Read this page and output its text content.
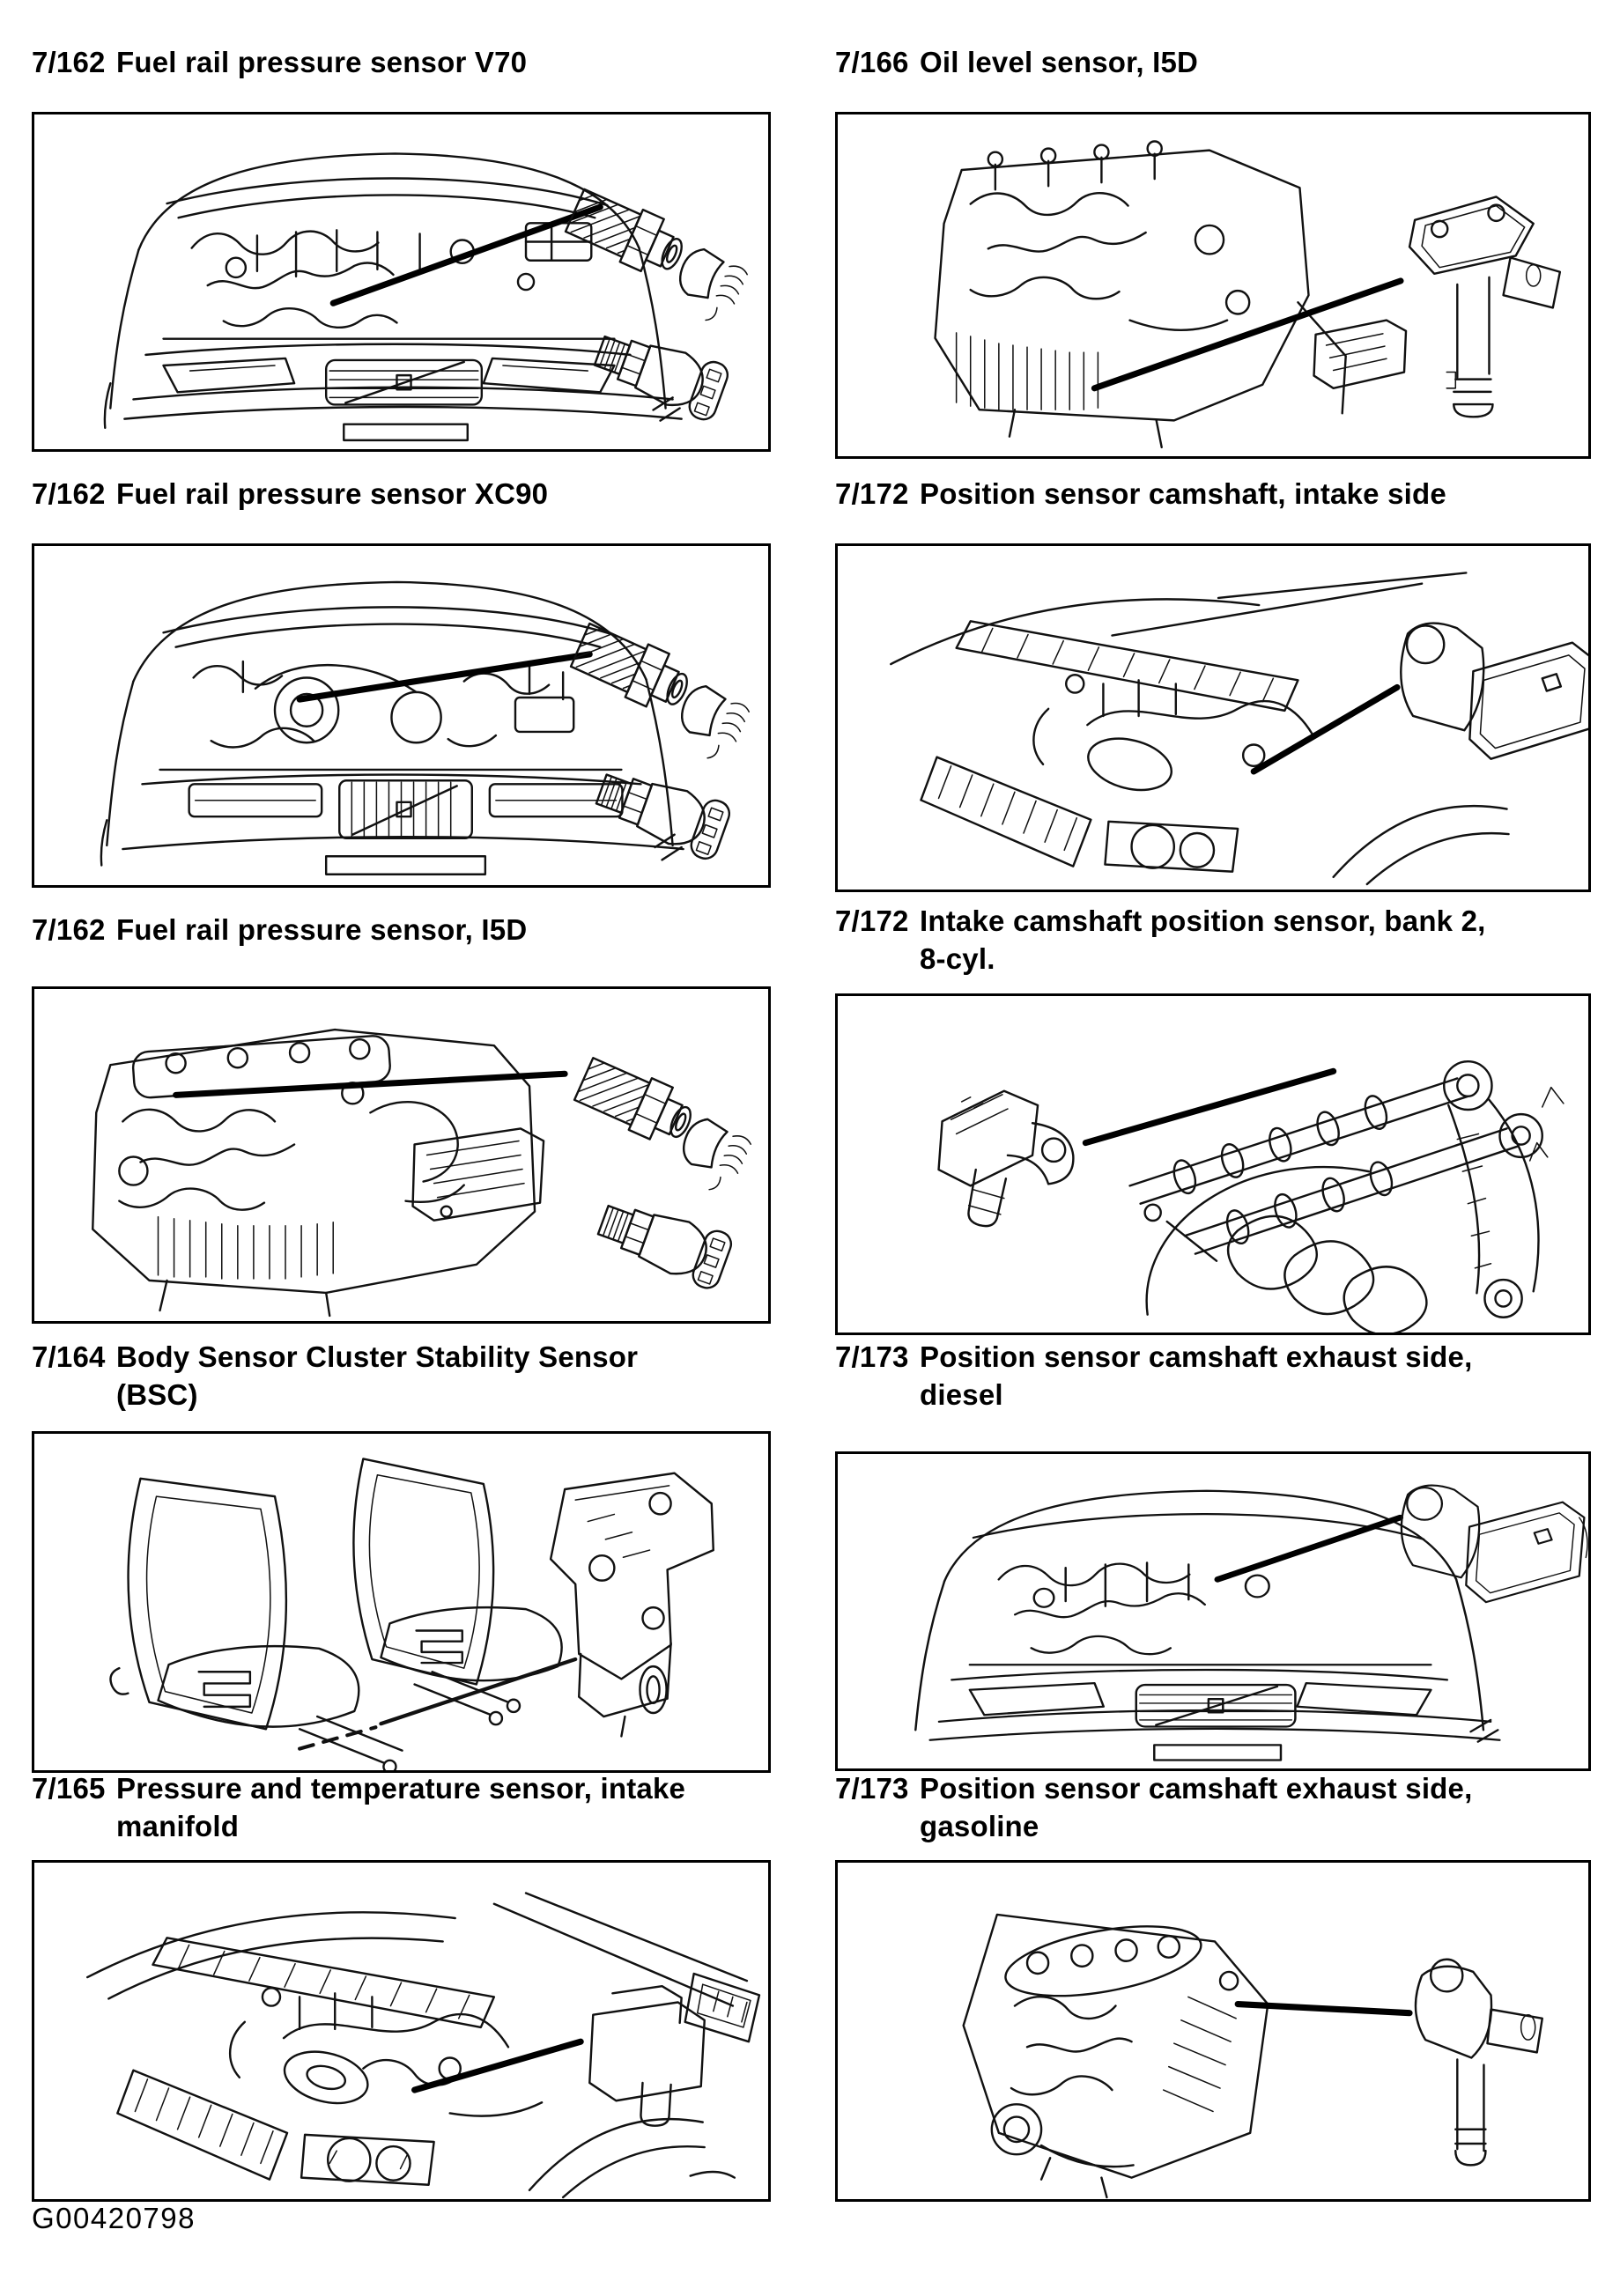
7/162 Fuel rail pressure sensor V70
7/162 Fuel rail pressure sensor XC90
7/162 Fuel rail pressure sensor, I5D
7/164 Body Sensor Cluster Stability Sensor
(BSC)
7/165 Pressure and temperature sensor, intake
manifold
7/166 Oil level sensor, I5D
7/172 Position sensor camshaft, intake side
7/172 Intake camshaft position sensor, bank 2,
8-cyl.
7/173 Position sensor camshaft exhaust side,
diesel
7/173 Position sensor camshaft exhaust side,
gasoline
G00420798
